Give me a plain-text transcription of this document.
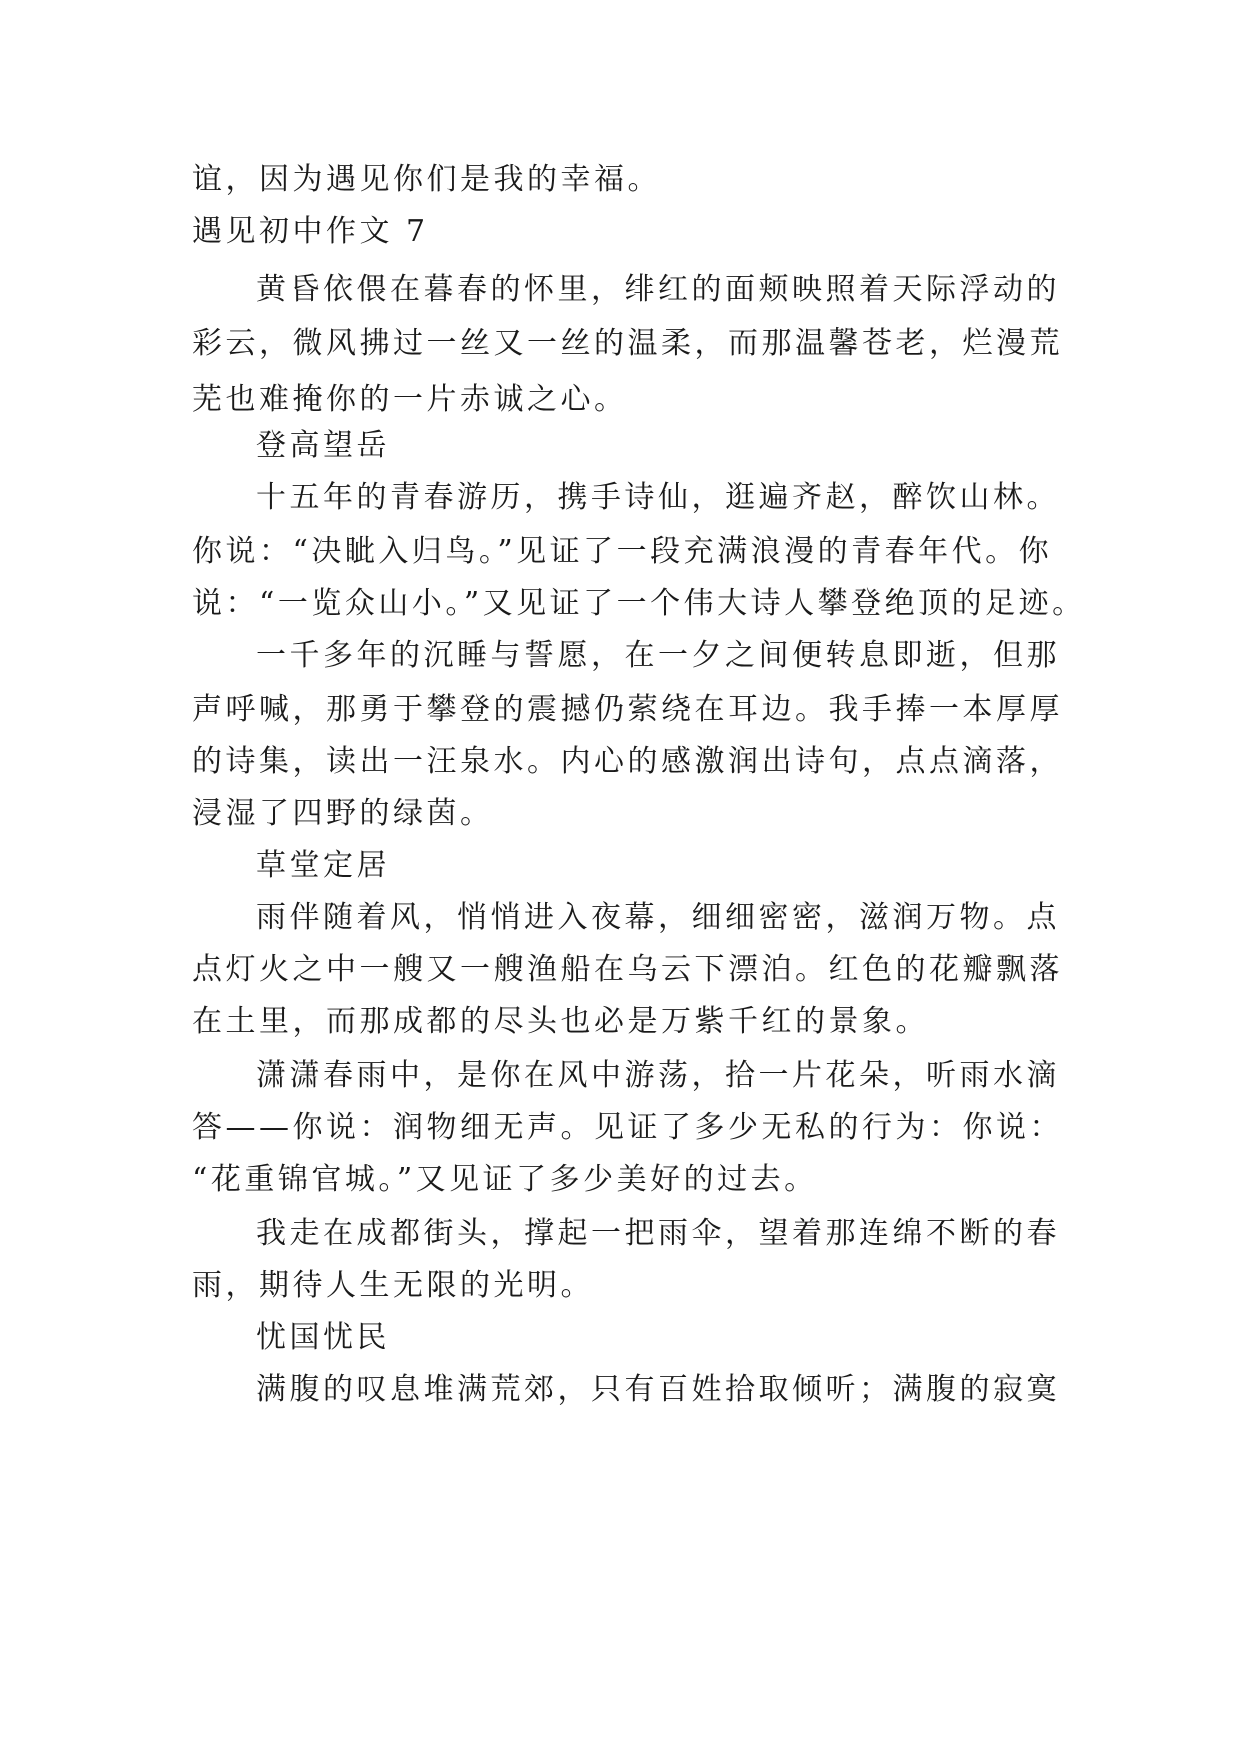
谊，因为遇见你们是我的幸福。
遇见初中作文 7
黄昏依偎在暮春的怀里，绯红的面颊映照着天际浮动的
彩云，微风拂过一丝又一丝的温柔，而那温馨苍老，烂漫荒
芜也难掩你的一片赤诚之心。
登高望岳
十五年的青春游历，携手诗仙，逛遍齐赵，醉饮山林。
你说：“决眦入归鸟。”见证了一段充满浪漫的青春年代。你
说：“一览众山小。”又见证了一个伟大诗人攀登绝顶的足迹。
一千多年的沉睡与誓愿，在一夕之间便转息即逝，但那
声呼喊，那勇于攀登的震撼仍萦绕在耳边。我手捧一本厚厚
的诗集，读出一汪泉水。内心的感激润出诗句，点点滴落，
浸湿了四野的绿茵。
草堂定居
雨伴随着风，悄悄进入夜幕，细细密密，滋润万物。点
点灯火之中一艘又一艘渔船在乌云下漂泊。红色的花瓣飘落
在土里，而那成都的尽头也必是万紫千红的景象。
潇潇春雨中，是你在风中游荡，拾一片花朵，听雨水滴
答——你说：润物细无声。见证了多少无私的行为：你说：
“花重锦官城。”又见证了多少美好的过去。
我走在成都街头，撑起一把雨伞，望着那连绵不断的春
雨，期待人生无限的光明。
忧国忧民
满腹的叹息堆满荒郊，只有百姓拾取倾听；满腹的寂寞
